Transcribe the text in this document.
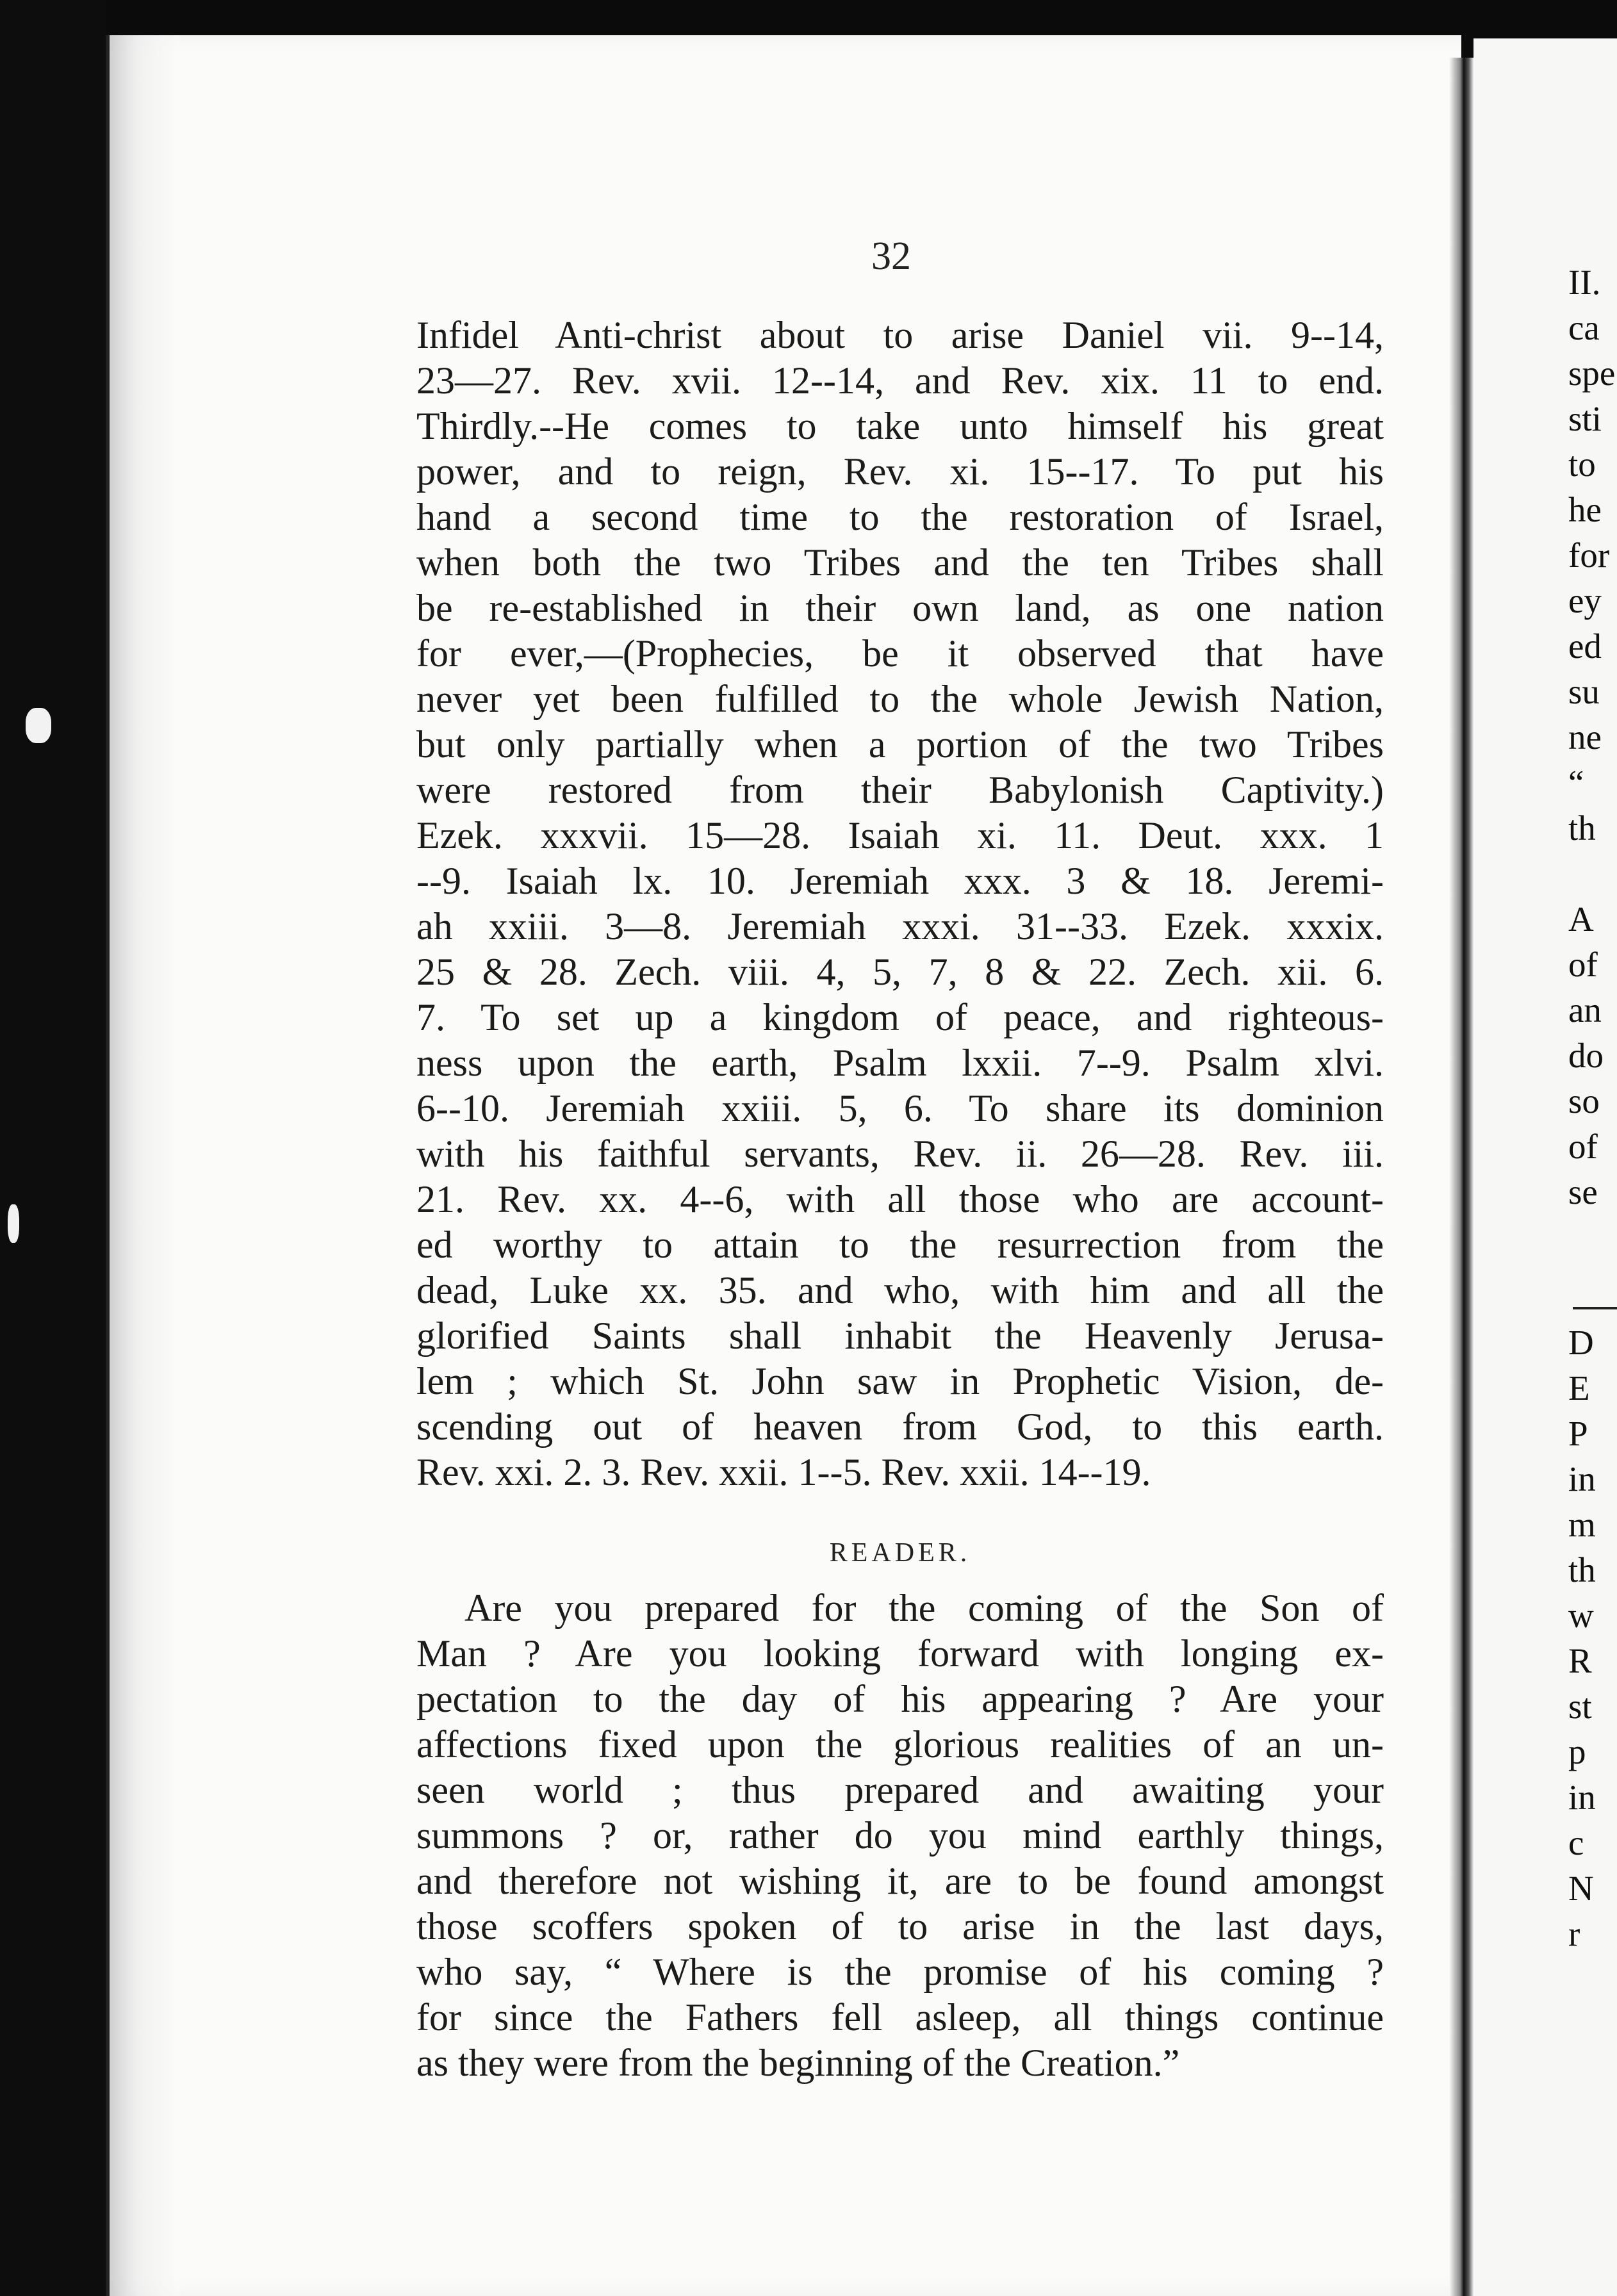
32
Infidel Anti-christ about to arise Daniel vii. 9--14,
23—27. Rev. xvii. 12--14, and Rev. xix. 11 to end.
Thirdly.--He comes to take unto himself his great
power, and to reign, Rev. xi. 15--17. To put his
hand a second time to the restoration of Israel,
when both the two Tribes and the ten Tribes shall
be re-established in their own land, as one nation
for ever,—(Prophecies, be it observed that have
never yet been fulfilled to the whole Jewish Nation,
but only partially when a portion of the two Tribes
were restored from their Babylonish Captivity.)
Ezek. xxxvii. 15—28. Isaiah xi. 11. Deut. xxx. 1
--9. Isaiah lx. 10. Jeremiah xxx. 3 & 18. Jeremi-
ah xxiii. 3—8. Jeremiah xxxi. 31--33. Ezek. xxxix.
25 & 28. Zech. viii. 4, 5, 7, 8 & 22. Zech. xii. 6.
7. To set up a kingdom of peace, and righteous-
ness upon the earth, Psalm lxxii. 7--9. Psalm xlvi.
6--10. Jeremiah xxiii. 5, 6. To share its dominion
with his faithful servants, Rev. ii. 26—28. Rev. iii.
21. Rev. xx. 4--6, with all those who are account-
ed worthy to attain to the resurrection from the
dead, Luke xx. 35. and who, with him and all the
glorified Saints shall inhabit the Heavenly Jerusa-
lem ; which St. John saw in Prophetic Vision, de-
scending out of heaven from God, to this earth.
Rev. xxi. 2. 3. Rev. xxii. 1--5. Rev. xxii. 14--19.
READER.
Are you prepared for the coming of the Son of
Man ? Are you looking forward with longing ex-
pectation to the day of his appearing ? Are your
affections fixed upon the glorious realities of an un-
seen world ; thus prepared and awaiting your
summons ? or, rather do you mind earthly things,
and therefore not wishing it, are to be found amongst
those scoffers spoken of to arise in the last days,
who say, “ Where is the promise of his coming ?
for since the Fathers fell asleep, all things continue
as they were from the beginning of the Creation.”
II.
ca
spe
sti
to
he
for
ey
ed
su
ne
“
th
A
of
an
do
so
of
se
D
E
P
in
m
th
w
R
st
p
in
c
N
r
